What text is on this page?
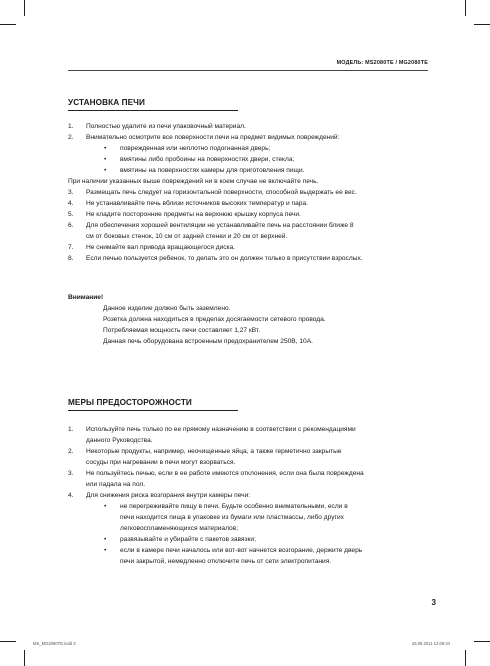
МОДЕЛЬ: MS2080TE / MG2080TE
УСТАНОВКА ПЕЧИ
1.	Полностью удалите из печи упаковочный материал.
2.	Внимательно осмотрите все поверхности печи на предмет видимых повреждений:
•	поврежденная или неплотно подогнанная дверь;
•	вмятины либо пробоины на поверхностях двери, стекла;
•	вмятины на поверхностях камеры для приготовления пищи.
При наличии указанных выше повреждений ни в коем случае не включайте печь.
3.	Размещать печь следует на горизонтальной поверхности, способной выдержать ее вес.
4.	Не устанавливайте печь вблизи источников высоких температур и пара.
5.	Не кладите посторонние предметы на верхнюю крышку корпуса печи.
6.	Для обеспечения хорошей вентиляции не устанавливайте печь на расстоянии ближе 8
см от боковых стенок, 10 см от задней стенки и 20 см от верхней.
7.	Не снимайте вал привода вращающегося диска.
8.	Если печью пользуется ребенок, то делать это он должен только в присутствии взрослых.
Внимание!
Данное изделие должно быть заземлено.
Розетка должна находиться в пределах досягаемости сетевого провода.
Потребляемая мощность печи составляет 1,27 кВт.
Данная печь оборудована встроенным предохранителем 250В, 10А.
МЕРЫ ПРЕДОСТОРОЖНОСТИ
1.	Используйте печь только по ее прямому назначению в соответствии с рекомендациями
данного Руководства.
2.	Некоторые продукты, например, неочищенные яйца, а также герметично закрытые
сосуды при нагревании в печи могут взорваться.
3.	Не пользуйтесь печью, если в ее работе имеются отклонения, если она была повреждена
или падала на пол.
4.	Для снижения риска возгорания внутри камеры печи:
•	не перегреживайте пищу в печи. Будьте особенно внимательными, если в
печи находится пища в упаковке из бумаги или пластмассы, либо других
легковоспламеняющихся материалов;
•	развязывайте и убирайте с пакетов завязки;
•	если в камере печи началось или вот-вот начнется возгорание, держите дверь
печи закрытой, немедленно отключите печь от сети электропитания.
3
MS_MG2080TE.indd 3	26.08.2011 12:06:44
